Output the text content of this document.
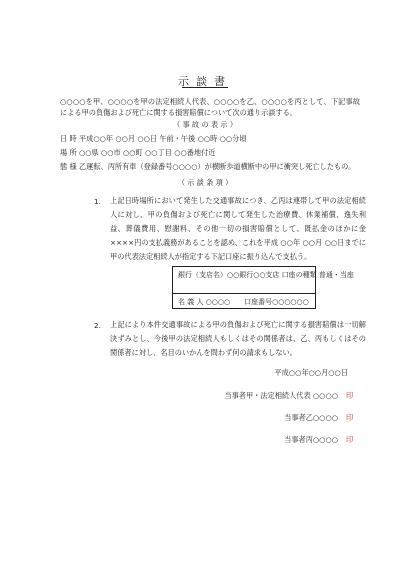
示談書
○○○○を甲、○○○○を甲の法定相続人代表、○○○○を乙、○○○○を丙として、下記事故による甲の負傷および死亡に関する損害賠償について次の通り示談する。
（ 事 故 の 表 示 ）
日 時 平成○○年 ○○月 ○○日 午前・午後 ○○時 ○○分頃
場 所 ○○県 ○○市 ○○町 ○○丁目 ○○番地付近
態 様 乙運転、丙所有車（登録番号○○○○）が横断歩道横断中の甲に衝突し死亡したもの。
（ 示 談 条 項 ）
1. 上記日時場所において発生した交通事故につき、乙丙は連帯して甲の法定相続人に対し、甲の負傷および死亡に関して発生した治療費、休業補償、逸失利益、葬儀費用、慰謝料、その他一切の損害賠償として、既払金のほかに金××××円の支払義務があることを認め、これを平成 ○○年 ○○月 ○○日までに甲の代表法定相続人が指定する下記口座に振り込んで支払う。
銀行（支店名）○○銀行○○支店 口座の種類 普通・当座
名 義 人 ○○○○　　口座番号○○○○○○
2. 上記により本件交通事故による甲の負傷および死亡に関する損害賠償は一切解決ずみとし、今後甲の法定相続人もしくはその関係者は、乙、丙もしくはその関係者に対し、名目のいかんを問わず何の請求もしない。
平成○○年○○月○○日
当事者甲・法定相続人代表 ○○○○ 印
当事者乙○○○○ 印
当事者丙○○○○ 印
